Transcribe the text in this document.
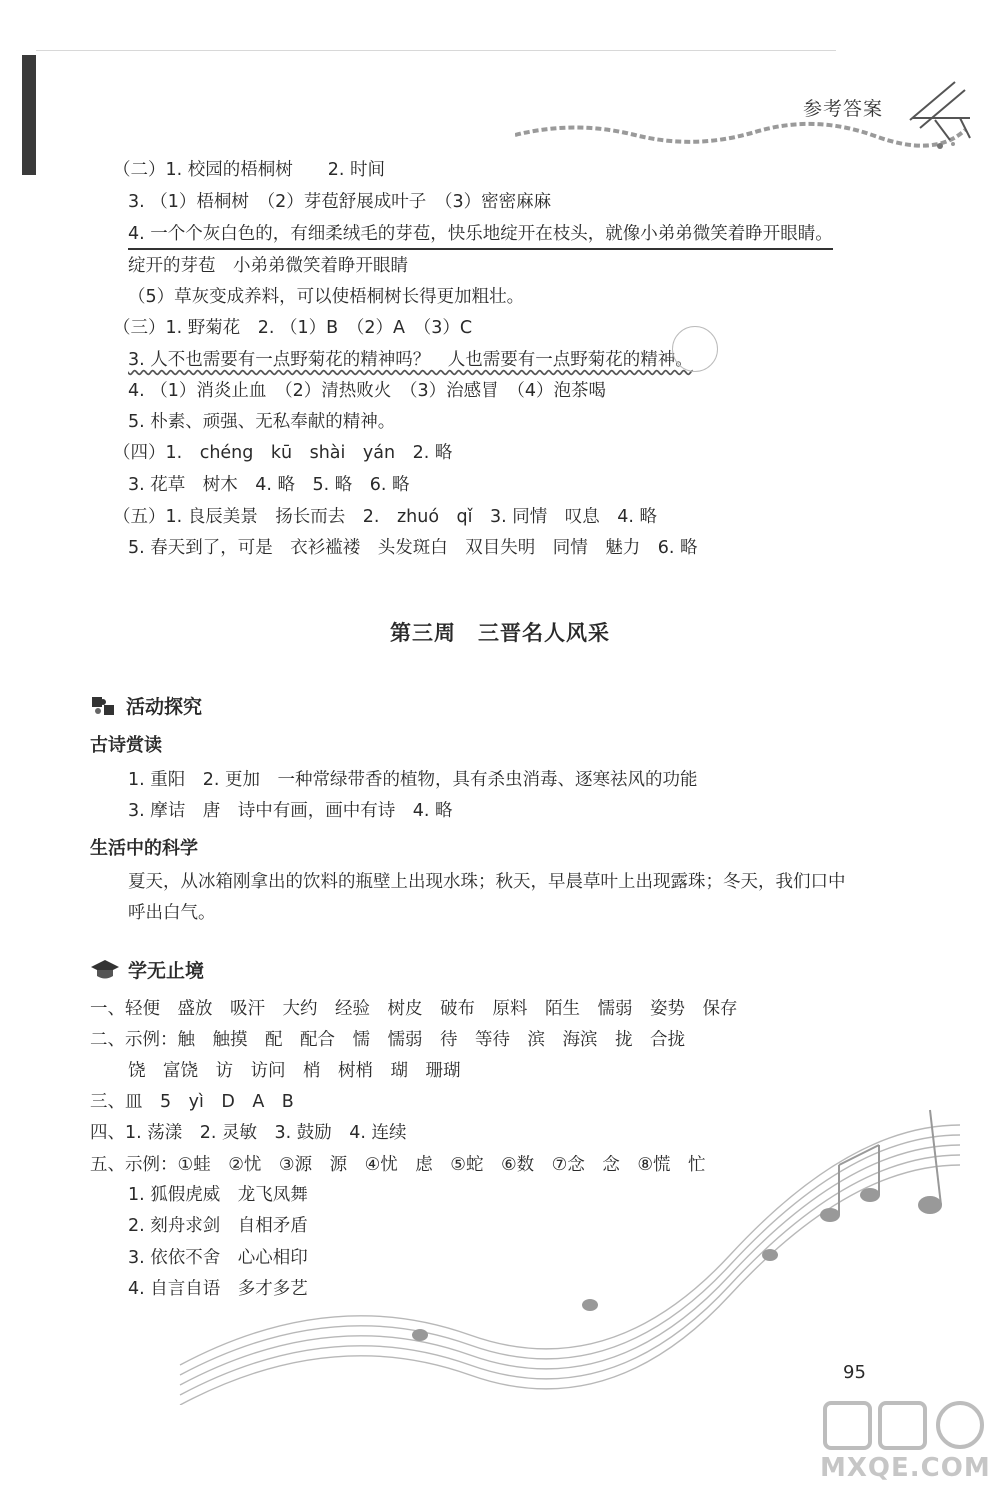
参考答案
（二）1. 校园的梧桐树　　2. 时间
3. （1）梧桐树　（2）芽苞舒展成叶子　（3）密密麻麻
4. 一个个灰白色的，有细柔绒毛的芽苞，快乐地绽开在枝头，就像小弟弟微笑着睁开眼睛。
绽开的芽苞　小弟弟微笑着睁开眼睛
（5）草灰变成养料，可以使梧桐树长得更加粗壮。
（三）1. 野菊花　2. （1）B　（2）A　（3）C
3. 人不也需要有一点野菊花的精神吗？　人也需要有一点野菊花的精神。
4. （1）消炎止血　（2）清热败火　（3）治感冒　（4）泡茶喝
5. 朴素、顽强、无私奉献的精神。
（四）1.　chéng　kū　shài　yán　2. 略
3. 花草　树木　4. 略　5. 略　6. 略
（五）1. 良辰美景　扬长而去　2.　zhuó　qǐ　3. 同情　叹息　4. 略
5. 春天到了，可是　衣衫褴褛　头发斑白　双目失明　同情　魅力　6. 略
第三周　三晋名人风采
活动探究
古诗赏读
1. 重阳　2. 更加　一种常绿带香的植物，具有杀虫消毒、逐寒祛风的功能
3. 摩诘　唐　诗中有画，画中有诗　4. 略
生活中的科学
夏天，从冰箱刚拿出的饮料的瓶壁上出现水珠；秋天，早晨草叶上出现露珠；冬天，我们口中
呼出白气。
学无止境
一、轻便　盛放　吸汗　大约　经验　树皮　破布　原料　陌生　懦弱　姿势　保存
二、示例：触　触摸　配　配合　懦　懦弱　待　等待　滨　海滨　拢　合拢
饶　富饶　访　访问　梢　树梢　瑚　珊瑚
三、皿　5　yì　D　A　B
四、1. 荡漾　2. 灵敏　3. 鼓励　4. 连续
五、示例：①蛙　②忧　③源　源　④忧　虑　⑤蛇　⑥数　⑦念　念　⑧慌　忙
1. 狐假虎威　龙飞凤舞
2. 刻舟求剑　自相矛盾
3. 依依不舍　心心相印
4. 自言自语　多才多艺
95
MXQE.COM
